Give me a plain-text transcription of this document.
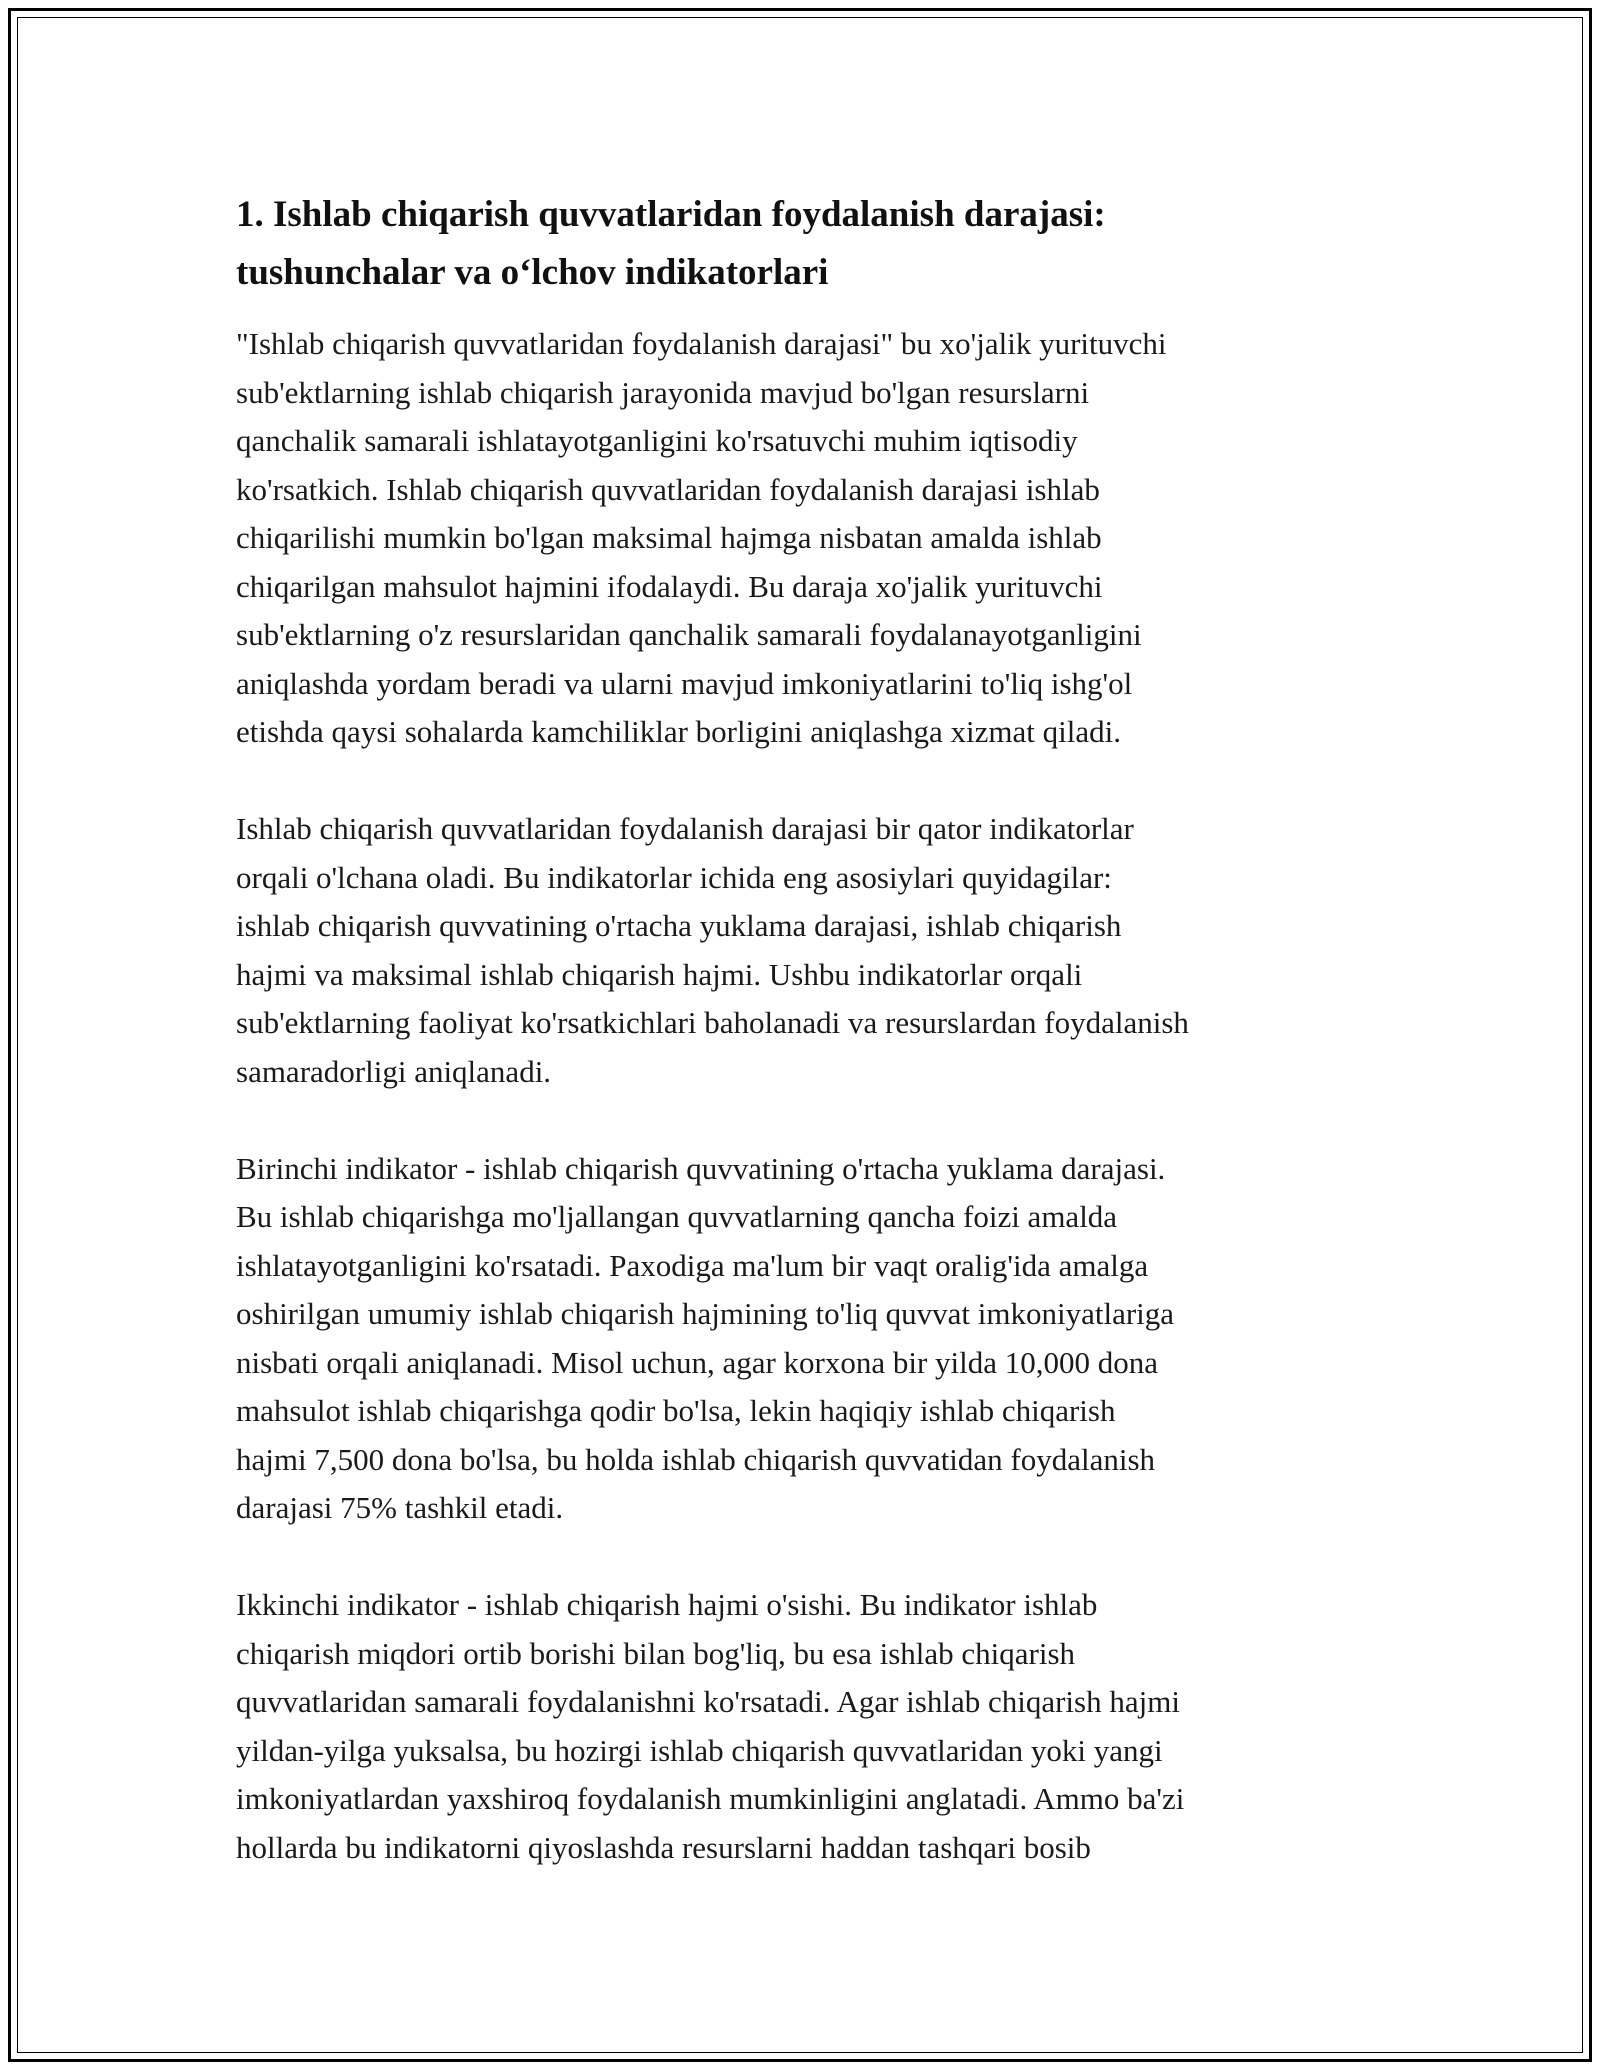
1. Ishlab chiqarish quvvatlaridan foydalanish darajasi:
tushunchalar va o‘lchov indikatorlari

"Ishlab chiqarish quvvatlaridan foydalanish darajasi" bu xo'jalik yurituvchi
sub'ektlarning ishlab chiqarish jarayonida mavjud bo'lgan resurslarni
qanchalik samarali ishlatayotganligini ko'rsatuvchi muhim iqtisodiy
ko'rsatkich. Ishlab chiqarish quvvatlaridan foydalanish darajasi ishlab
chiqarilishi mumkin bo'lgan maksimal hajmga nisbatan amalda ishlab
chiqarilgan mahsulot hajmini ifodalaydi. Bu daraja xo'jalik yurituvchi
sub'ektlarning o'z resurslaridan qanchalik samarali foydalanayotganligini
aniqlashda yordam beradi va ularni mavjud imkoniyatlarini to'liq ishg'ol
etishda qaysi sohalarda kamchiliklar borligini aniqlashga xizmat qiladi.

Ishlab chiqarish quvvatlaridan foydalanish darajasi bir qator indikatorlar
orqali o'lchana oladi. Bu indikatorlar ichida eng asosiylari quyidagilar:
ishlab chiqarish quvvatining o'rtacha yuklama darajasi, ishlab chiqarish
hajmi va maksimal ishlab chiqarish hajmi. Ushbu indikatorlar orqali
sub'ektlarning faoliyat ko'rsatkichlari baholanadi va resurslardan foydalanish
samaradorligi aniqlanadi.

Birinchi indikator - ishlab chiqarish quvvatining o'rtacha yuklama darajasi.
Bu ishlab chiqarishga mo'ljallangan quvvatlarning qancha foizi amalda
ishlatayotganligini ko'rsatadi. Paxodiga ma'lum bir vaqt oralig'ida amalga
oshirilgan umumiy ishlab chiqarish hajmining to'liq quvvat imkoniyatlariga
nisbati orqali aniqlanadi. Misol uchun, agar korxona bir yilda 10,000 dona
mahsulot ishlab chiqarishga qodir bo'lsa, lekin haqiqiy ishlab chiqarish
hajmi 7,500 dona bo'lsa, bu holda ishlab chiqarish quvvatidan foydalanish
darajasi 75% tashkil etadi.

Ikkinchi indikator - ishlab chiqarish hajmi o'sishi. Bu indikator ishlab
chiqarish miqdori ortib borishi bilan bog'liq, bu esa ishlab chiqarish
quvvatlaridan samarali foydalanishni ko'rsatadi. Agar ishlab chiqarish hajmi
yildan-yilga yuksalsa, bu hozirgi ishlab chiqarish quvvatlaridan yoki yangi
imkoniyatlardan yaxshiroq foydalanish mumkinligini anglatadi. Ammo ba'zi
hollarda bu indikatorni qiyoslashda resurslarni haddan tashqari bosib
